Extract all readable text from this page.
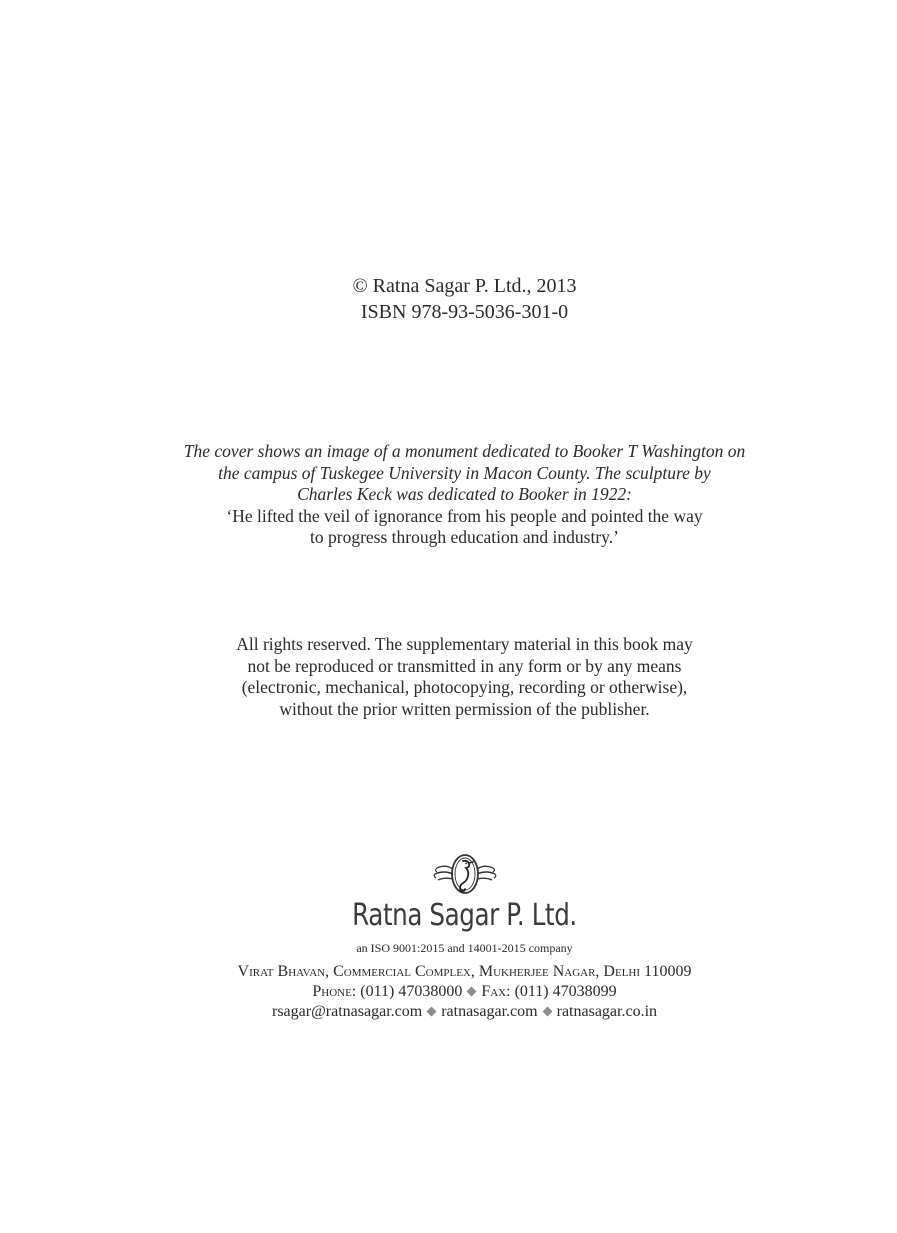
© Ratna Sagar P. Ltd., 2013
ISBN 978-93-5036-301-0
The cover shows an image of a monument dedicated to Booker T Washington on
the campus of Tuskegee University in Macon County. The sculpture by
Charles Keck was dedicated to Booker in 1922:
‘He lifted the veil of ignorance from his people and pointed the way
to progress through education and industry.’
All rights reserved. The supplementary material in this book may
not be reproduced or transmitted in any form or by any means
(electronic, mechanical, photocopying, recording or otherwise),
without the prior written permission of the publisher.
Ratna Sagar P. Ltd.
an ISO 9001:2015 and 14001-2015 company
Virat Bhavan, Commercial Complex, Mukherjee Nagar, Delhi 110009
Phone: (011) 47038000 Fax: (011) 47038099
rsagar@ratnasagar.com ratnasagar.com ratnasagar.co.in
